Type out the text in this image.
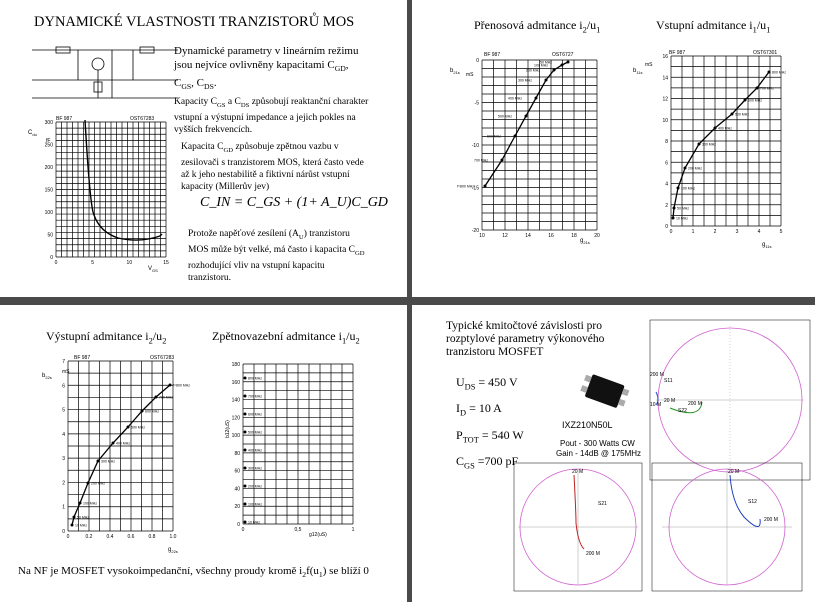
DYNAMICKÉ VLASTNOSTI TRANZISTORŮ MOS
Dynamické parametry v lineárním režimu jsou nejvíce ovlivněny kapacitami $C_{GD}$, $C_{GS}$, $C_{DS}$.
Kapacity $C_{GS}$ a $C_{DS}$ způsobují reaktanční charakter vstupní a výstupní impedance a jejich pokles na vyšších frekvencích.
Kapacita $C_{GD}$ způsobuje zpětnou vazbu v zesilovači s tranzistorem MOS, která často vede až k jeho nestabilitě a fiktivní nárůst vstupní kapacity (Millerův jev)
C_IN = C_GS + (1+ A_U)C_GD
Protože napěťové zesílení $(A_U)$ tranzistoru MOS může být velké, má často i kapacita $C_{GD}$ rozhodující vliv na vstupní kapacitu tranzistoru.
BF 987	OST67283
$C_{du}$
fF
$V_{GS}$
300
250
200
150
100
50
0
0	5	10	15
Přenosová admitance $i_2/u_1$	Vstupní admitance $i_1/u_1$
50 MHz
100 MHz
200 MHz
300 MHz
400 MHz
500 MHz
600 MHz
700 MHz
f=800 MHz
BF 987	OST6727
$b_{21s}$ mS
$g_{21s}$
0
-5
-10
-15
-20
10	12	14	16	18	20
10 MHz
50 MHz
100 MHz
200 MHz
300 MHz
400 MHz
500 MHz
600 MHz
700 MHz
800 MHz
BF 987	OST67301
$b_{11s}$
mS
$g_{11s}$
16
14
12
10
8
6
4
2
0
0	1	2	3	4	5
Výstupní admitance $i_2/u_2$	Zpětnovazební admitance $i_1/u_2$
10 MHz
50 MHz
100 MHz
200 MHz
300 MHz
400 MHz
500 MHz
600 MHz
700 MHz
f=800 MHz
BF 987	OST67283
$b_{22s}$
mS
$g_{22s}$
7
6
5
4
3
2
1
0
0	0.2	0.4	0.6	0.8	1.0
800 MHz
700 MHz
600 MHz
500 MHz
400 MHz
300 MHz
200 MHz
100 MHz
10 MHz
b12(uS)
g12(uS)
180
160
140
120
100
80
60
40
20
0
0	0,5	1
Na NF je MOSFET vysokoimpedanční, všechny proudy kromě $i_2f(u_1)$ se blíží 0
Typické kmitočtové závislosti pro rozptylové parametry výkonového tranzistoru MOSFET
$U_{DS} = 450$ V
$I_D = 10$ A
$P_{TOT} = 540$ W
$C_{GS} =700$ pF
IXZ210N50L
Pout - 300 Watts CW
Gain - 14dB @ 175MHz
200 M
S11
20 M
S22
200 M
10 M
20 M
S21
200 M
20 M
S12
200 M
